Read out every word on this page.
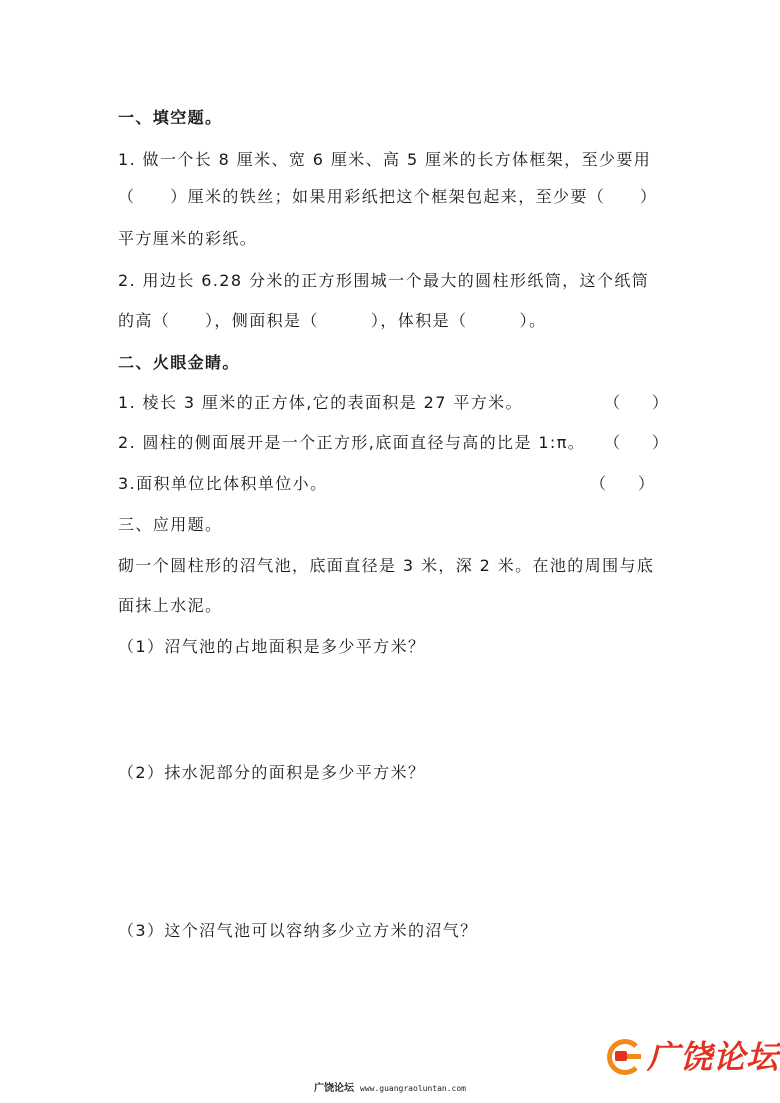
一、填空题。
1. 做一个长 8 厘米、宽 6 厘米、高 5 厘米的长方体框架，至少要用
（　　）厘米的铁丝；如果用彩纸把这个框架包起来，至少要（　　）
平方厘米的彩纸。
2. 用边长 6.28 分米的正方形围城一个最大的圆柱形纸筒，这个纸筒
的高（　　），侧面积是（　　　），体积是（　　　）。
二、火眼金睛。
1. 棱长 3 厘米的正方体,它的表面积是 27 平方米。	（　　）
2. 圆柱的侧面展开是一个正方形,底面直径与高的比是 1:π。 （　　）
3.面积单位比体积单位小。	（　　）
三、应用题。
砌一个圆柱形的沼气池，底面直径是 3 米，深 2 米。在池的周围与底
面抹上水泥。
（1）沼气池的占地面积是多少平方米？
（2）抹水泥部分的面积是多少平方米？
（3）这个沼气池可以容纳多少立方米的沼气？
广饶论坛
广饶论坛 www.guangraoluntan.com
